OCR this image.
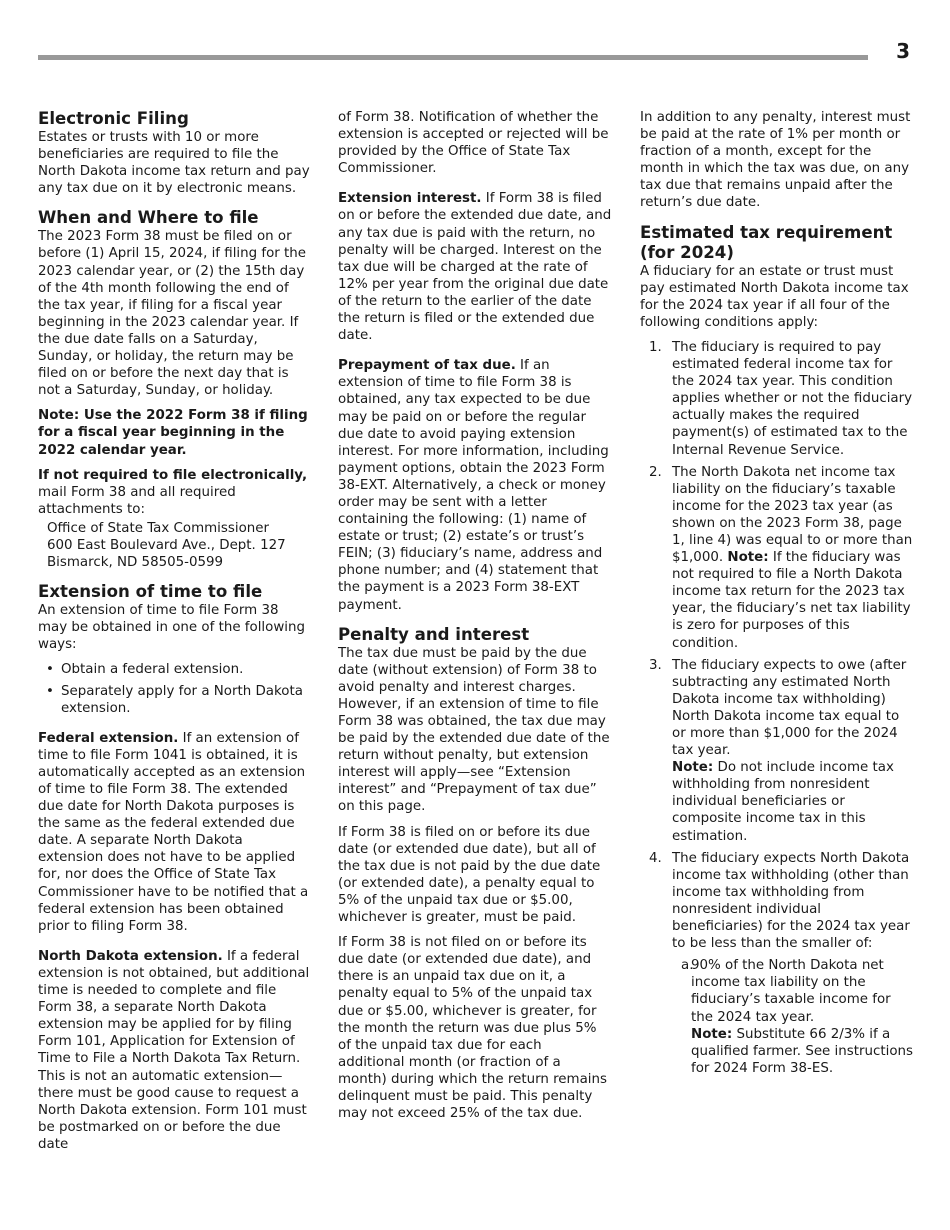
3
Electronic Filing

Estates or trusts with 10 or more beneficiaries are required to file the North Dakota income tax return and pay any tax due on it by electronic means.

When and Where to file

The 2023 Form 38 must be filed on or before (1) April 15, 2024, if filing for the 2023 calendar year, or (2) the 15th day of the 4th month following the end of the tax year, if filing for a fiscal year beginning in the 2023 calendar year. If the due date falls on a Saturday, Sunday, or holiday, the return may be filed on or before the next day that is not a Saturday, Sunday, or holiday.

Note: Use the 2022 Form 38 if filing for a fiscal year beginning in the 2022 calendar year.

If not required to file electronically, mail Form 38 and all required attachments to:

Office of State Tax Commissioner
600 East Boulevard Ave., Dept. 127
Bismarck, ND 58505-0599
Extension of time to file

An extension of time to file Form 38 may be obtained in one of the following ways:

• Obtain a federal extension.
• Separately apply for a North Dakota extension.

Federal extension. If an extension of time to file Form 1041 is obtained, it is automatically accepted as an extension of time to file Form 38. The extended due date for North Dakota purposes is the same as the federal extended due date. A separate North Dakota extension does not have to be applied for, nor does the Office of State Tax Commissioner have to be notified that a federal extension has been obtained prior to filing Form 38.

North Dakota extension. If a federal extension is not obtained, but additional time is needed to complete and file Form 38, a separate North Dakota extension may be applied for by filing Form 101, Application for Extension of Time to File a North Dakota Tax Return. This is not an automatic extension—there must be good cause to request a North Dakota extension. Form 101 must be postmarked on or before the due date

of Form 38. Notification of whether the extension is accepted or rejected will be provided by the Office of State Tax Commissioner.

Extension interest. If Form 38 is filed on or before the extended due date, and any tax due is paid with the return, no penalty will be charged. Interest on the tax due will be charged at the rate of 12% per year from the original due date of the return to the earlier of the date the return is filed or the extended due date.

Prepayment of tax due. If an extension of time to file Form 38 is obtained, any tax expected to be due may be paid on or before the regular due date to avoid paying extension interest. For more information, including payment options, obtain the 2023 Form 38-EXT. Alternatively, a check or money order may be sent with a letter containing the following: (1) name of estate or trust; (2) estate’s or trust’s FEIN; (3) fiduciary’s name, address and phone number; and (4) statement that the payment is a 2023 Form 38-EXT payment.

Penalty and interest

The tax due must be paid by the due date (without extension) of Form 38 to avoid penalty and interest charges. However, if an extension of time to file Form 38 was obtained, the tax due may be paid by the extended due date of the return without penalty, but extension interest will apply—see “Extension interest” and “Prepayment of tax due” on this page.

If Form 38 is filed on or before its due date (or extended due date), but all of the tax due is not paid by the due date (or extended date), a penalty equal to 5% of the unpaid tax due or $5.00, whichever is greater, must be paid.

If Form 38 is not filed on or before its due date (or extended due date), and there is an unpaid tax due on it, a penalty equal to 5% of the unpaid tax due or $5.00, whichever is greater, for the month the return was due plus 5% of the unpaid tax due for each additional month (or fraction of a month) during which the return remains delinquent must be paid. This penalty may not exceed 25% of the tax due.

In addition to any penalty, interest must be paid at the rate of 1% per month or fraction of a month, except for the month in which the tax was due, on any tax due that remains unpaid after the return’s due date.

Estimated tax requirement (for 2024)

A fiduciary for an estate or trust must pay estimated North Dakota income tax for the 2024 tax year if all four of the following conditions apply:

1. The fiduciary is required to pay estimated federal income tax for the 2024 tax year. This condition applies whether or not the fiduciary actually makes the required payment(s) of estimated tax to the Internal Revenue Service.
2. The North Dakota net income tax liability on the fiduciary’s taxable income for the 2023 tax year (as shown on the 2023 Form 38, page 1, line 4) was equal to or more than $1,000. Note: If the fiduciary was not required to file a North Dakota income tax return for the 2023 tax year, the fiduciary’s net tax liability is zero for purposes of this condition.
3. The fiduciary expects to owe (after subtracting any estimated North Dakota income tax withholding) North Dakota income tax equal to or more than $1,000 for the 2024 tax year.
Note: Do not include income tax withholding from nonresident individual beneficiaries or composite income tax in this estimation.
4. The fiduciary expects North Dakota income tax withholding (other than income tax withholding from nonresident individual beneficiaries) for the 2024 tax year to be less than the smaller of:
a.
90% of the North Dakota net income tax liability on the fiduciary’s taxable income for the 2024 tax year.
Note: Substitute 66 2/3% if a qualified farmer. See instructions for 2024 Form 38-ES.
